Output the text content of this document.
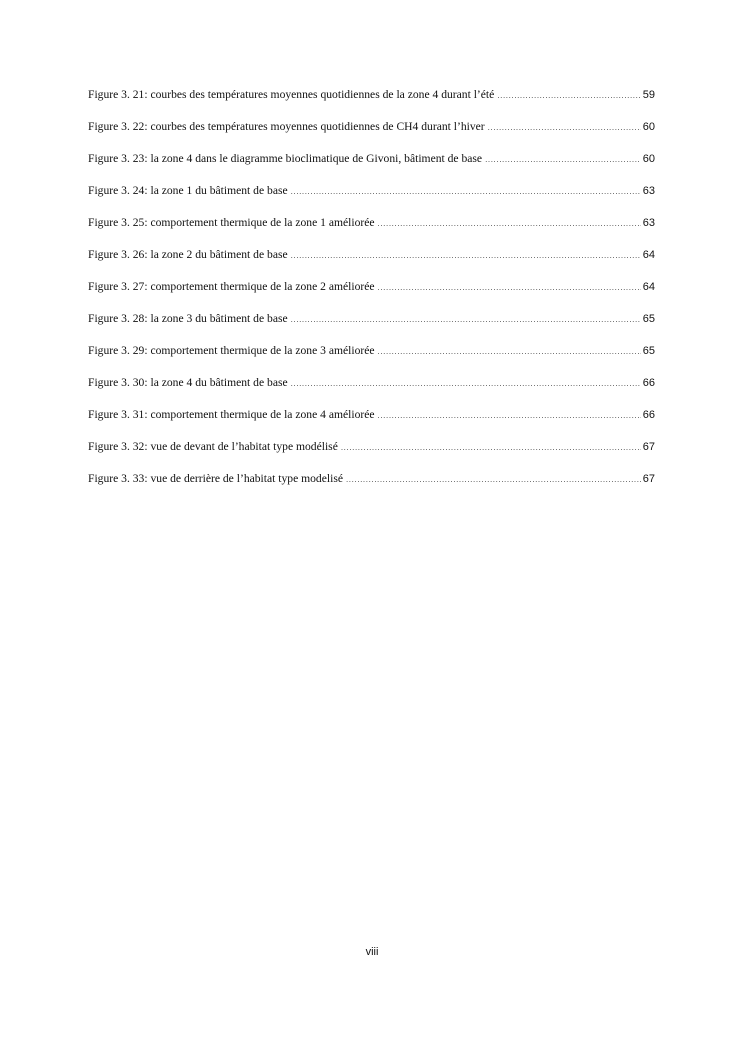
Figure 3. 21: courbes des températures moyennes quotidiennes de la zone 4 durant l’été .....	59
Figure 3. 22: courbes des températures moyennes quotidiennes de CH4 durant l’hiver .....	60
Figure 3. 23: la zone 4 dans le diagramme bioclimatique de Givoni, bâtiment de base .....	60
Figure 3. 24: la zone 1 du bâtiment de base .....	63
Figure 3. 25: comportement thermique de la zone 1 améliorée .....	63
Figure 3. 26: la zone 2 du bâtiment de base .....	64
Figure 3. 27: comportement thermique de la zone 2 améliorée .....	64
Figure 3. 28: la zone 3 du bâtiment de base .....	65
Figure 3. 29: comportement thermique de la zone 3 améliorée .....	65
Figure 3. 30: la zone 4 du bâtiment de base .....	66
Figure 3. 31: comportement thermique de la zone 4 améliorée .....	66
Figure 3. 32: vue de devant de l’habitat type modélisé .....	67
Figure 3. 33: vue de derrière de l’habitat type modelisé .....	67
viii
